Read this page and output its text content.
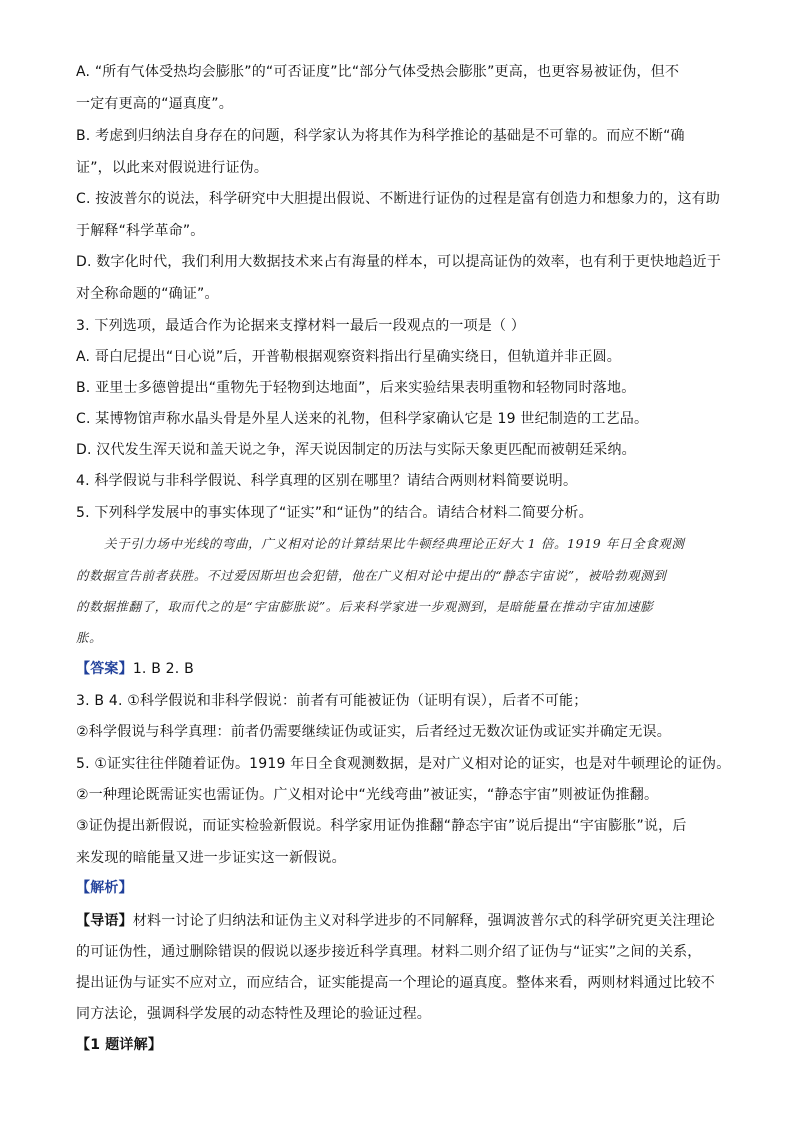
A. “所有气体受热均会膨胀”的“可否证度”比“部分气体受热会膨胀”更高，也更容易被证伪，但不
一定有更高的“逼真度”。
B. 考虑到归纳法自身存在的问题，科学家认为将其作为科学推论的基础是不可靠的。而应不断“确
证”，以此来对假说进行证伪。
C. 按波普尔的说法，科学研究中大胆提出假说、不断进行证伪的过程是富有创造力和想象力的，这有助
于解释“科学革命”。
D. 数字化时代，我们利用大数据技术来占有海量的样本，可以提高证伪的效率，也有利于更快地趋近于
对全称命题的“确证”。
3. 下列选项，最适合作为论据来支撑材料一最后一段观点的一项是（ ）
A. 哥白尼提出“日心说”后，开普勒根据观察资料指出行星确实绕日，但轨道并非正圆。
B. 亚里士多德曾提出“重物先于轻物到达地面”，后来实验结果表明重物和轻物同时落地。
C. 某博物馆声称水晶头骨是外星人送来的礼物，但科学家确认它是 19 世纪制造的工艺品。
D. 汉代发生浑天说和盖天说之争，浑天说因制定的历法与实际天象更匹配而被朝廷采纳。
4. 科学假说与非科学假说、科学真理的区别在哪里？请结合两则材料简要说明。
5. 下列科学发展中的事实体现了“证实”和“证伪”的结合。请结合材料二简要分析。
关于引力场中光线的弯曲，广义相对论的计算结果比牛顿经典理论正好大 1 倍。1919 年日全食观测
的数据宣告前者获胜。不过爱因斯坦也会犯错，他在广义相对论中提出的“静态宇宙说”，被哈勃观测到
的数据推翻了，取而代之的是“宇宙膨胀说”。后来科学家进一步观测到，是暗能量在推动宇宙加速膨
胀。
【答案】1. B 2. B
3. B 4. ①科学假说和非科学假说：前者有可能被证伪（证明有误），后者不可能；
②科学假说与科学真理：前者仍需要继续证伪或证实，后者经过无数次证伪或证实并确定无误。
5. ①证实往往伴随着证伪。1919 年日全食观测数据，是对广义相对论的证实，也是对牛顿理论的证伪。
②一种理论既需证实也需证伪。广义相对论中“光线弯曲”被证实，“静态宇宙”则被证伪推翻。
③证伪提出新假说，而证实检验新假说。科学家用证伪推翻“静态宇宙”说后提出“宇宙膨胀”说，后
来发现的暗能量又进一步证实这一新假说。
【解析】
【导语】材料一讨论了归纳法和证伪主义对科学进步的不同解释，强调波普尔式的科学研究更关注理论
的可证伪性，通过删除错误的假说以逐步接近科学真理。材料二则介绍了证伪与“证实”之间的关系，
提出证伪与证实不应对立，而应结合，证实能提高一个理论的逼真度。整体来看，两则材料通过比较不
同方法论，强调科学发展的动态特性及理论的验证过程。
【1 题详解】
